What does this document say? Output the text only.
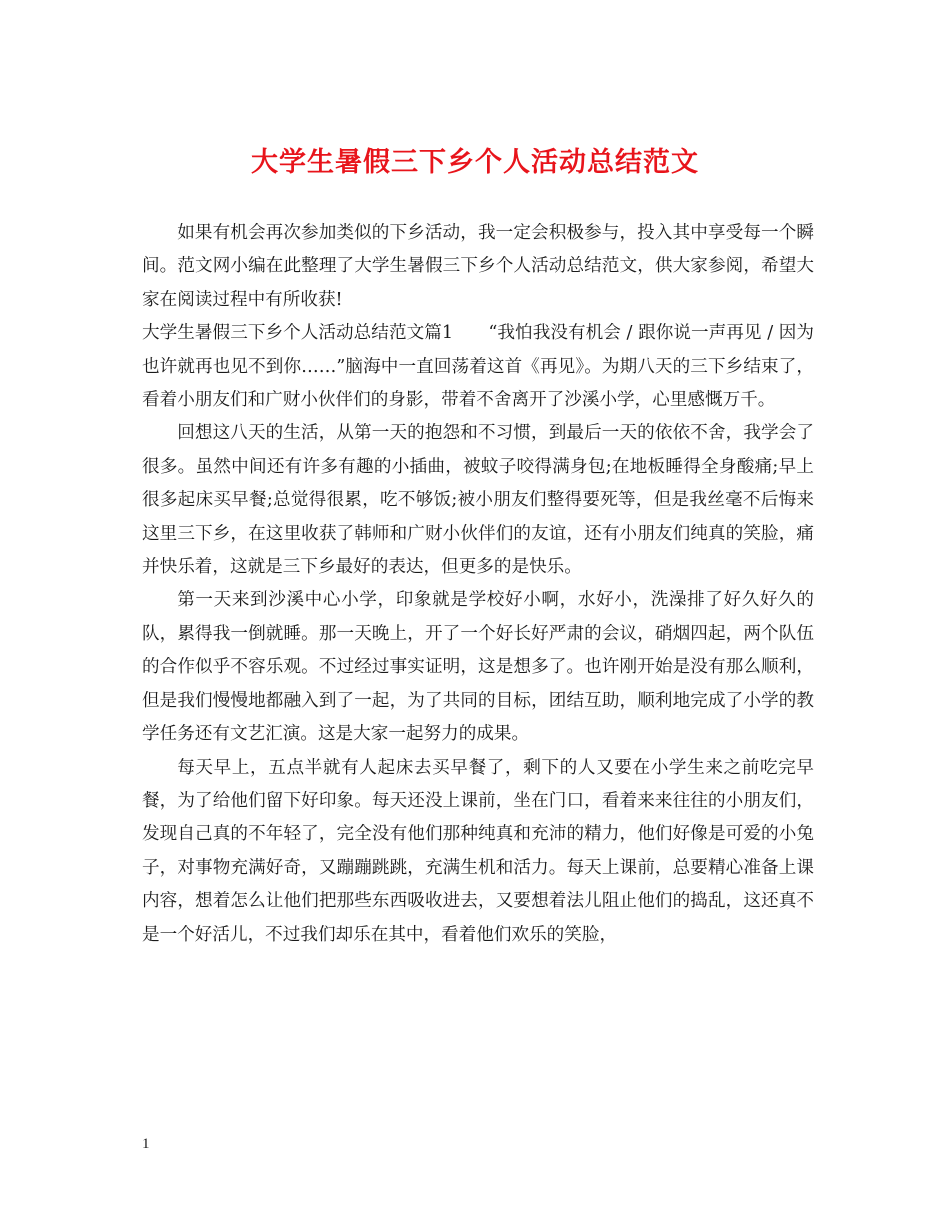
大学生暑假三下乡个人活动总结范文

如果有机会再次参加类似的下乡活动，我一定会积极参与，投入其中享受每一个瞬间。范文网小编在此整理了大学生暑假三下乡个人活动总结范文，供大家参阅，希望大家在阅读过程中有所收获!

大学生暑假三下乡个人活动总结范文篇1　　“我怕我没有机会 / 跟你说一声再见 / 因为也许就再也见不到你……”脑海中一直回荡着这首《再见》。为期八天的三下乡结束了，看着小朋友们和广财小伙伴们的身影，带着不舍离开了沙溪小学，心里感慨万千。

回想这八天的生活，从第一天的抱怨和不习惯，到最后一天的依依不舍，我学会了很多。虽然中间还有许多有趣的小插曲，被蚊子咬得满身包;在地板睡得全身酸痛;早上很多起床买早餐;总觉得很累，吃不够饭;被小朋友们整得要死等，但是我丝毫不后悔来这里三下乡，在这里收获了韩师和广财小伙伴们的友谊，还有小朋友们纯真的笑脸，痛并快乐着，这就是三下乡最好的表达，但更多的是快乐。

第一天来到沙溪中心小学，印象就是学校好小啊，水好小，洗澡排了好久好久的队，累得我一倒就睡。那一天晚上，开了一个好长好严肃的会议，硝烟四起，两个队伍的合作似乎不容乐观。不过经过事实证明，这是想多了。也许刚开始是没有那么顺利，但是我们慢慢地都融入到了一起，为了共同的目标，团结互助，顺利地完成了小学的教学任务还有文艺汇演。这是大家一起努力的成果。

每天早上，五点半就有人起床去买早餐了，剩下的人又要在小学生来之前吃完早餐，为了给他们留下好印象。每天还没上课前，坐在门口，看着来来往往的小朋友们，发现自己真的不年轻了，完全没有他们那种纯真和充沛的精力，他们好像是可爱的小兔子，对事物充满好奇，又蹦蹦跳跳，充满生机和活力。每天上课前，总要精心准备上课内容，想着怎么让他们把那些东西吸收进去，又要想着法儿阻止他们的捣乱，这还真不是一个好活儿，不过我们却乐在其中，看着他们欢乐的笑脸，

1
